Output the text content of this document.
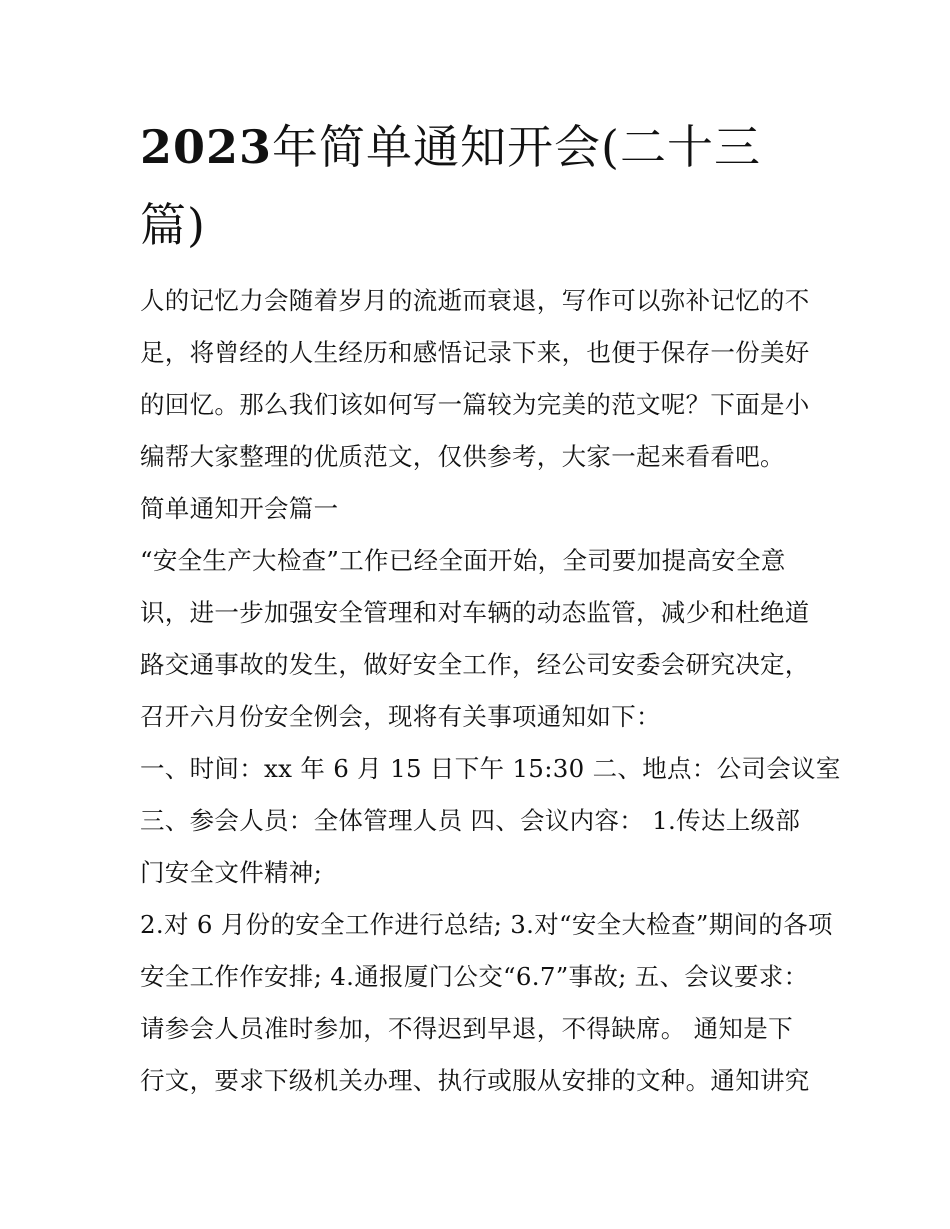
2023年简单通知开会(二十三
篇)
人的记忆力会随着岁月的流逝而衰退，写作可以弥补记忆的不
足，将曾经的人生经历和感悟记录下来，也便于保存一份美好
的回忆。那么我们该如何写一篇较为完美的范文呢？下面是小
编帮大家整理的优质范文，仅供参考，大家一起来看看吧。
简单通知开会篇一
“安全生产大检查”工作已经全面开始，全司要加提高安全意
识，进一步加强安全管理和对车辆的动态监管，减少和杜绝道
路交通事故的发生，做好安全工作，经公司安委会研究决定，
召开六月份安全例会，现将有关事项通知如下：
一、时间：xx 年 6 月 15 日下午 15:30 二、地点：公司会议室
三、参会人员：全体管理人员 四、会议内容： 1.传达上级部
门安全文件精神;
2.对 6 月份的安全工作进行总结; 3.对“安全大检查”期间的各项
安全工作作安排; 4.通报厦门公交“6.7”事故; 五、会议要求：
请参会人员准时参加，不得迟到早退，不得缺席。 通知是下
行文，要求下级机关办理、执行或服从安排的文种。通知讲究
